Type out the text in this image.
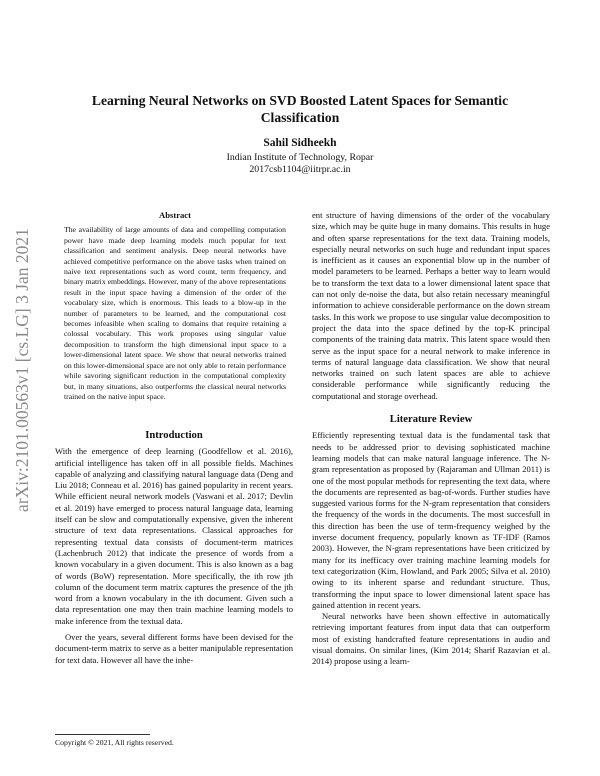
arXiv:2101.00563v1 [cs.LG] 3 Jan 2021
Learning Neural Networks on SVD Boosted Latent Spaces for Semantic Classification
Sahil Sidheekh
Indian Institute of Technology, Ropar
2017csb1104@iitrpr.ac.in
Abstract

The availability of large amounts of data and compelling computation power have made deep learning models much popular for text classification and sentiment analysis. Deep neural networks have achieved competitive performance on the above tasks when trained on naive text representations such as word count, term frequency, and binary matrix embeddings. However, many of the above representations result in the input space having a dimension of the order of the vocabulary size, which is enormous. This leads to a blow-up in the number of parameters to be learned, and the computational cost becomes infeasible when scaling to domains that require retaining a colossal vocabulary. This work proposes using singular value decomposition to transform the high dimensional input space to a lower-dimensional latent space. We show that neural networks trained on this lower-dimensional space are not only able to retain performance while savoring significant reduction in the computational complexity but, in many situations, also outperforms the classical neural networks trained on the native input space.

Introduction

With the emergence of deep learning (Goodfellow et al. 2016), artificial intelligence has taken off in all possible fields. Machines capable of analyzing and classifying natural language data (Deng and Liu 2018; Conneau et al. 2016) has gained popularity in recent years. While efficient neural network models (Vaswani et al. 2017; Devlin et al. 2019) have emerged to process natural language data, learning itself can be slow and computationally expensive, given the inherent structure of text data representations. Classical approaches for representing textual data consists of document-term matrices (Lachenbruch 2012) that indicate the presence of words from a known vocabulary in a given document. This is also known as a bag of words (BoW) representation. More specifically, the ith row jth column of the document term matrix captures the presence of the jth word from a known vocabulary in the ith document. Given such a data representation one may then train machine learning models to make inference from the textual data.

Over the years, several different forms have been devised for the document-term matrix to serve as a better manipulable representation for text data. However all have the inhe-

ent structure of having dimensions of the order of the vocabulary size, which may be quite huge in many domains. This results in huge and often sparse representations for the text data. Training models, especially neural networks on such huge and redundant input spaces is inefficient as it causes an exponential blow up in the number of model parameters to be learned. Perhaps a better way to learn would be to transform the text data to a lower dimensional latent space that can not only de-noise the data, but also retain necessary meaningful information to achieve considerable performance on the down stream tasks. In this work we propose to use singular value decomposition to project the data into the space defined by the top-K principal components of the training data matrix. This latent space would then serve as the input space for a neural network to make inference in terms of natural language data classification. We show that neural networks trained on such latent spaces are able to achieve considerable performance while significantly reducing the computational and storage overhead.

Literature Review

Efficiently representing textual data is the fundamental task that needs to be addressed prior to devising sophisticated machine learning models that can make natural language inference. The N-gram representation as proposed by (Rajaraman and Ullman 2011) is one of the most popular methods for representing the text data, where the documents are represented as bag-of-words. Further studies have suggested various forms for the N-gram representation that considers the frequency of the words in the documents. The most succesfull in this direction has been the use of term-frequency weighed by the inverse document frequency, popularly known as TF-IDF (Ramos 2003). However, the N-gram representations have been criticized by many for its inefficacy over training machine learning models for text categorization (Kim, Howland, and Park 2005; Silva et al. 2010) owing to its inherent sparse and redundant structure. Thus, transforming the input space to lower dimensional latent space has gained attention in recent years.

Neural networks have been shown effective in automatically retrieving important features from input data that can outperform most of existing handcrafted feature representations in audio and visual domains. On similar lines, (Kim 2014; Sharif Razavian et al. 2014) propose using a learn-

Copyright © 2021, All rights reserved.
